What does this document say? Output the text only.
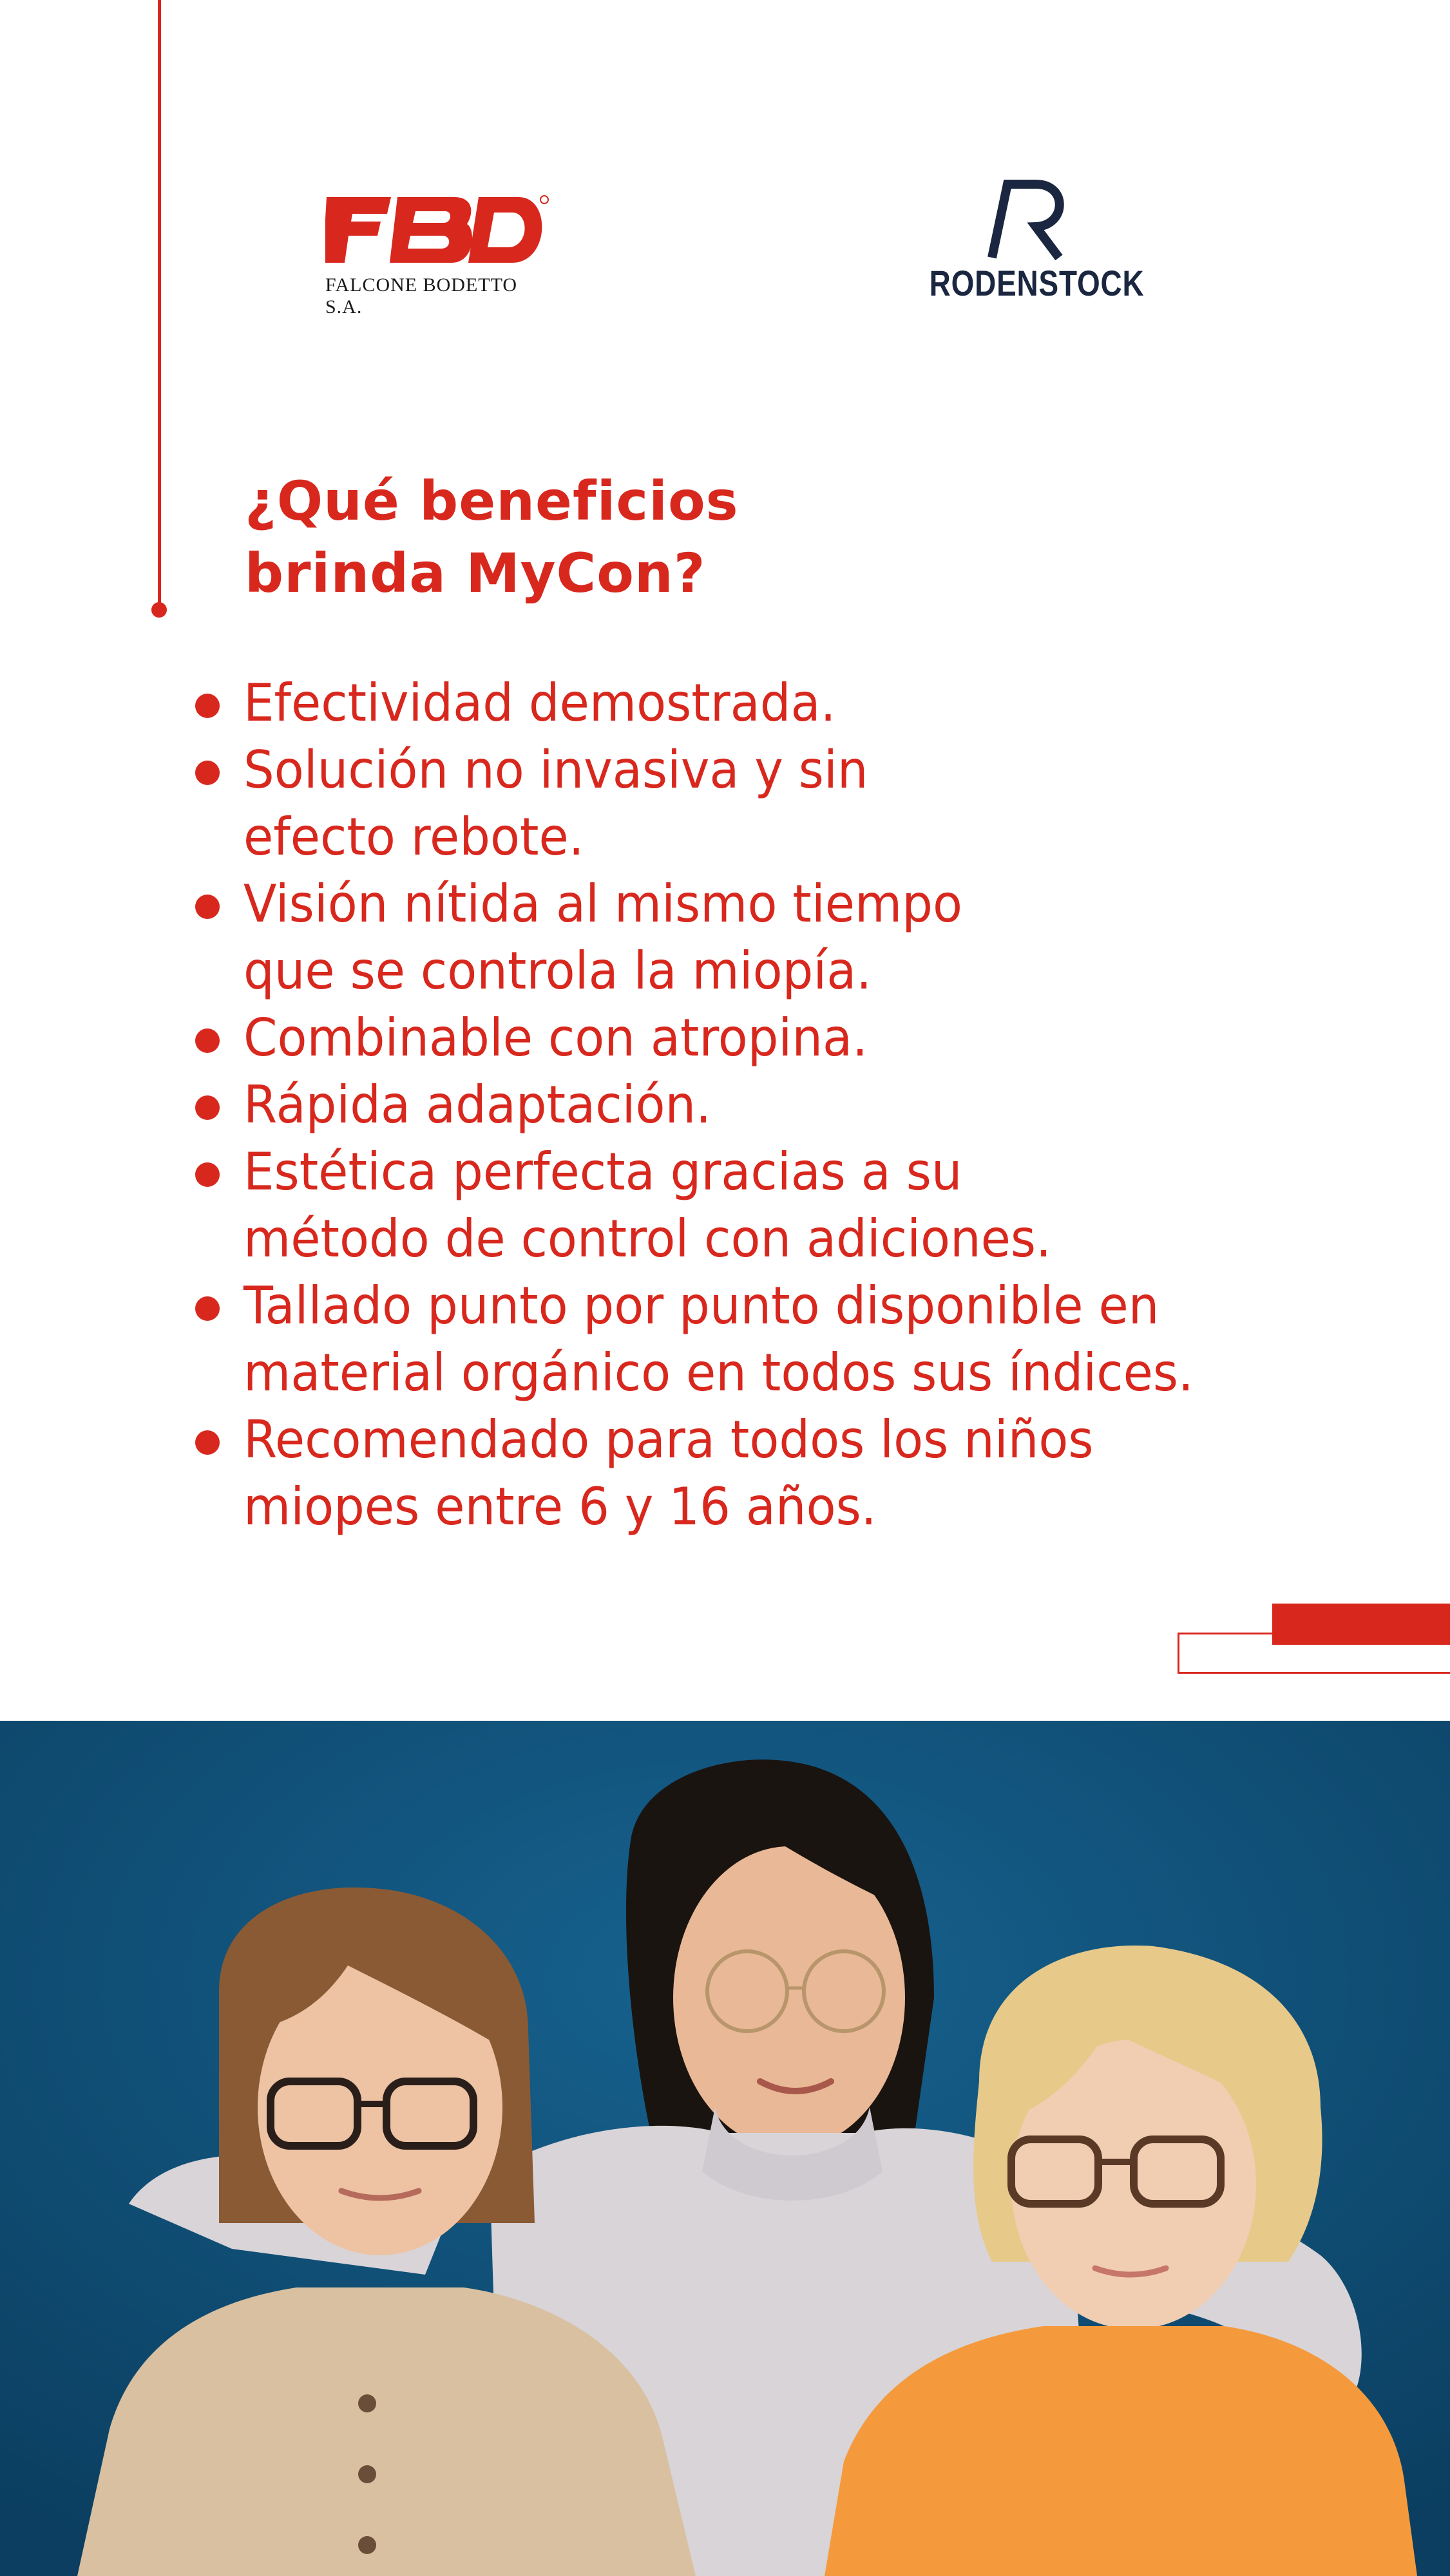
FALCONE BODETTO S.A.
RODENSTOCK
¿Qué beneficios
brinda MyCon?
Efectividad demostrada.
Solución no invasiva y sin
efecto rebote.
Visión nítida al mismo tiempo
que se controla la miopía.
Combinable con atropina.
Rápida adaptación.
Estética perfecta gracias a su
método de control con adiciones.
Tallado punto por punto disponible en
material orgánico en todos sus índices.
Recomendado para todos los niños
miopes entre 6 y 16 años.
